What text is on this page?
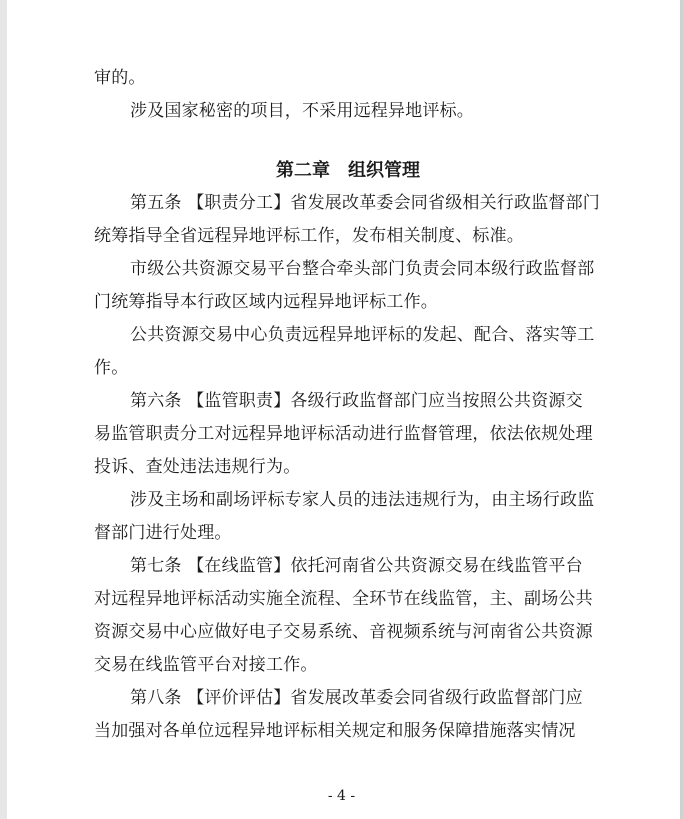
审的。
涉及国家秘密的项目，不采用远程异地评标。
第二章　组织管理
第五条 【职责分工】省发展改革委会同省级相关行政监督部门
统筹指导全省远程异地评标工作，发布相关制度、标准。
市级公共资源交易平台整合牵头部门负责会同本级行政监督部
门统筹指导本行政区域内远程异地评标工作。
公共资源交易中心负责远程异地评标的发起、配合、落实等工
作。
第六条 【监管职责】各级行政监督部门应当按照公共资源交
易监管职责分工对远程异地评标活动进行监督管理，依法依规处理
投诉、查处违法违规行为。
涉及主场和副场评标专家人员的违法违规行为，由主场行政监
督部门进行处理。
第七条 【在线监管】依托河南省公共资源交易在线监管平台
对远程异地评标活动实施全流程、全环节在线监管，主、副场公共
资源交易中心应做好电子交易系统、音视频系统与河南省公共资源
交易在线监管平台对接工作。
第八条 【评价评估】省发展改革委会同省级行政监督部门应
当加强对各单位远程异地评标相关规定和服务保障措施落实情况
- 4 -
